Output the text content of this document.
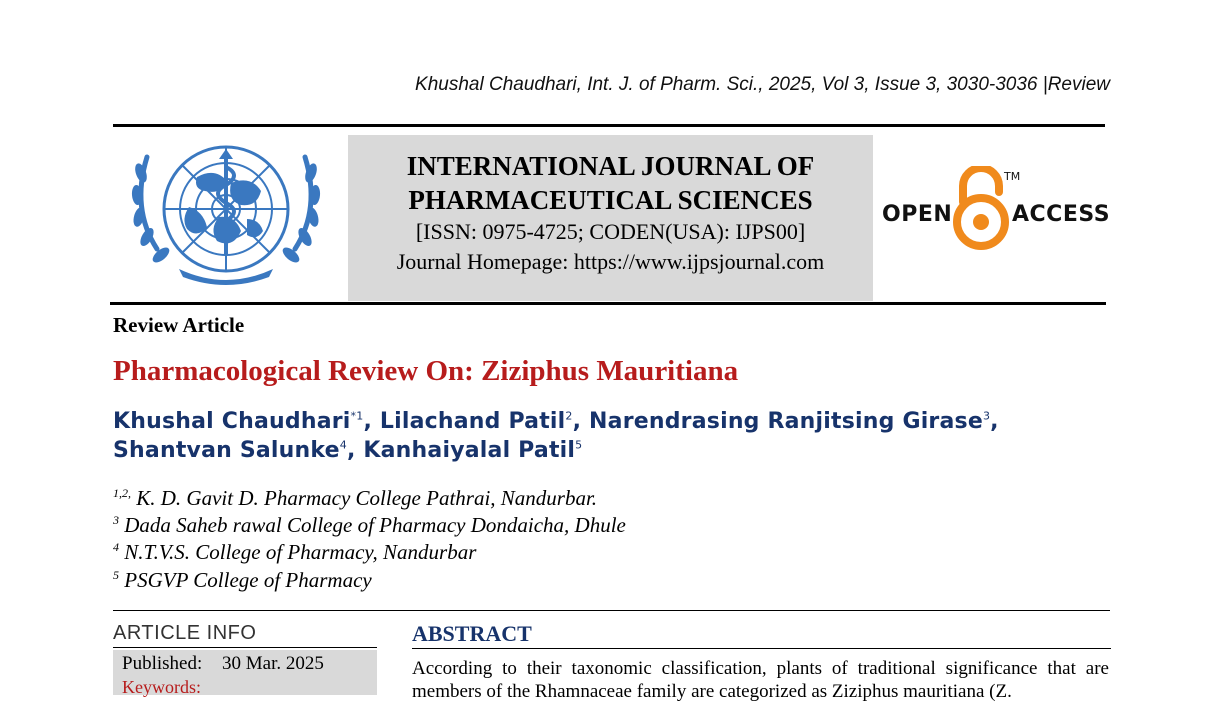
Khushal Chaudhari, Int. J. of Pharm. Sci., 2025, Vol 3, Issue 3, 3030-3036 |Review
INTERNATIONAL JOURNAL OF
PHARMACEUTICAL SCIENCES
[ISSN: 0975-4725; CODEN(USA): IJPS00]
Journal Homepage: https://www.ijpsjournal.com
OPEN
TM
ACCESS
Review Article
Pharmacological Review On: Ziziphus Mauritiana
Khushal Chaudhari$^{*1}$, Lilachand Patil$^2$, Narendrasing Ranjitsing Girase$^3$, Shantvan Salunke$^4$, Kanhaiyalal Patil$^5$
$^{1,2,}$ K. D. Gavit D. Pharmacy College Pathrai, Nandurbar.
$^3$ Dada Saheb rawal College of Pharmacy Dondaicha, Dhule
$^4$ N.T.V.S. College of Pharmacy, Nandurbar
$^5$ PSGVP College of Pharmacy
ARTICLE INFO
Published: 30 Mar. 2025
Keywords:
ABSTRACT
According to their taxonomic classification, plants of traditional significance that are members of the Rhamnaceae family are categorized as Ziziphus mauritiana (Z.
